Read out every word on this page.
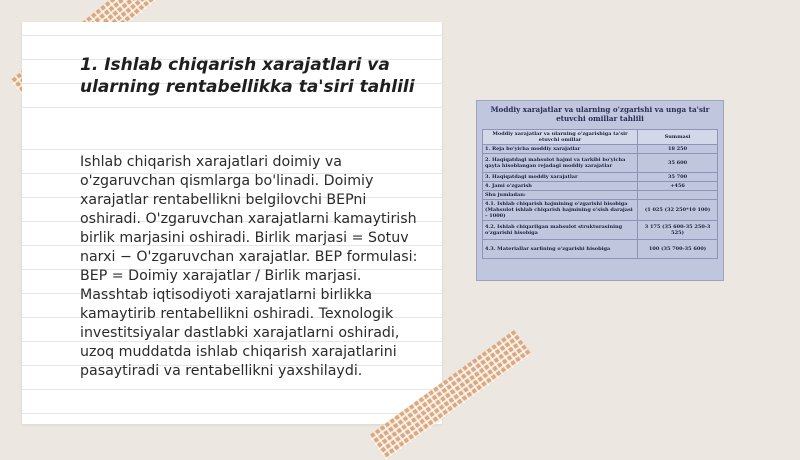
1. Ishlab chiqarish xarajatlari va ularning rentabellikka ta'siri tahlili

Ishlab chiqarish xarajatlari doimiy va o'zgaruvchan qismlarga bo'linadi. Doimiy xarajatlar rentabellikni belgilovchi BEPni oshiradi. O'zgaruvchan xarajatlarni kamaytirish birlik marjasini oshiradi. Birlik marjasi = Sotuv narxi − O'zgaruvchan xarajatlar. BEP formulasi: BEP = Doimiy xarajatlar / Birlik marjasi. Masshtab iqtisodiyoti xarajatlarni birlikka kamaytirib rentabellikni oshiradi. Texnologik investitsiyalar dastlabki xarajatlarni oshiradi, uzoq muddatda ishlab chiqarish xarajatlarini pasaytiradi va rentabellikni yaxshilaydi.

Moddiy xarajatlar va ularning o'zgarishi va unga ta'sir etuvchi omillar tahlili
Moddiy xarajatlar va ularning o'zgarishiga ta'sir etuvchi omillar	Summasi
1. Reja bo'yicha moddiy xarajatlar	18 250
2. Haqiqatdagi mahsulot hajmi va tarkibi bo'yicha qayta hisoblangan rejadagi moddiy xarajatlar	35 600
3. Haqiqatdagi moddiy xarajatlar	35 700
4. Jami o'zgarish	+456
Shu jumladan:	
4.1. Ishlab chiqarish hajmining o'zgarishi hisobiga (Mahsulot ishlab chiqarish hajmining o'sish darajasi – 1000)	(1 025 (32 250*10 100)
4.2. Ishlab chiqarilgan mahsulot strukturasining o'zgarishi hisobiga	3 175 (35 600-35 250-3 525)
4.3. Materiallar sarfining o'zgarishi hisobiga	100 (35 700-35 600)
